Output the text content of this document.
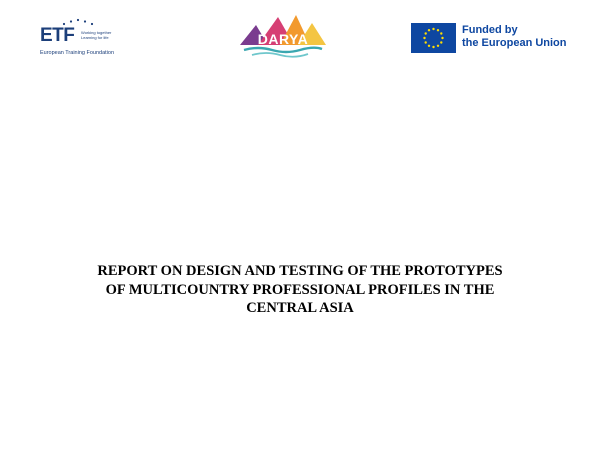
ETF Working together
Learning for life
European Training Foundation
DARYA
Funded by
the European Union
REPORT ON DESIGN AND TESTING OF THE PROTOTYPES
OF MULTICOUNTRY PROFESSIONAL PROFILES IN THE
CENTRAL ASIA
